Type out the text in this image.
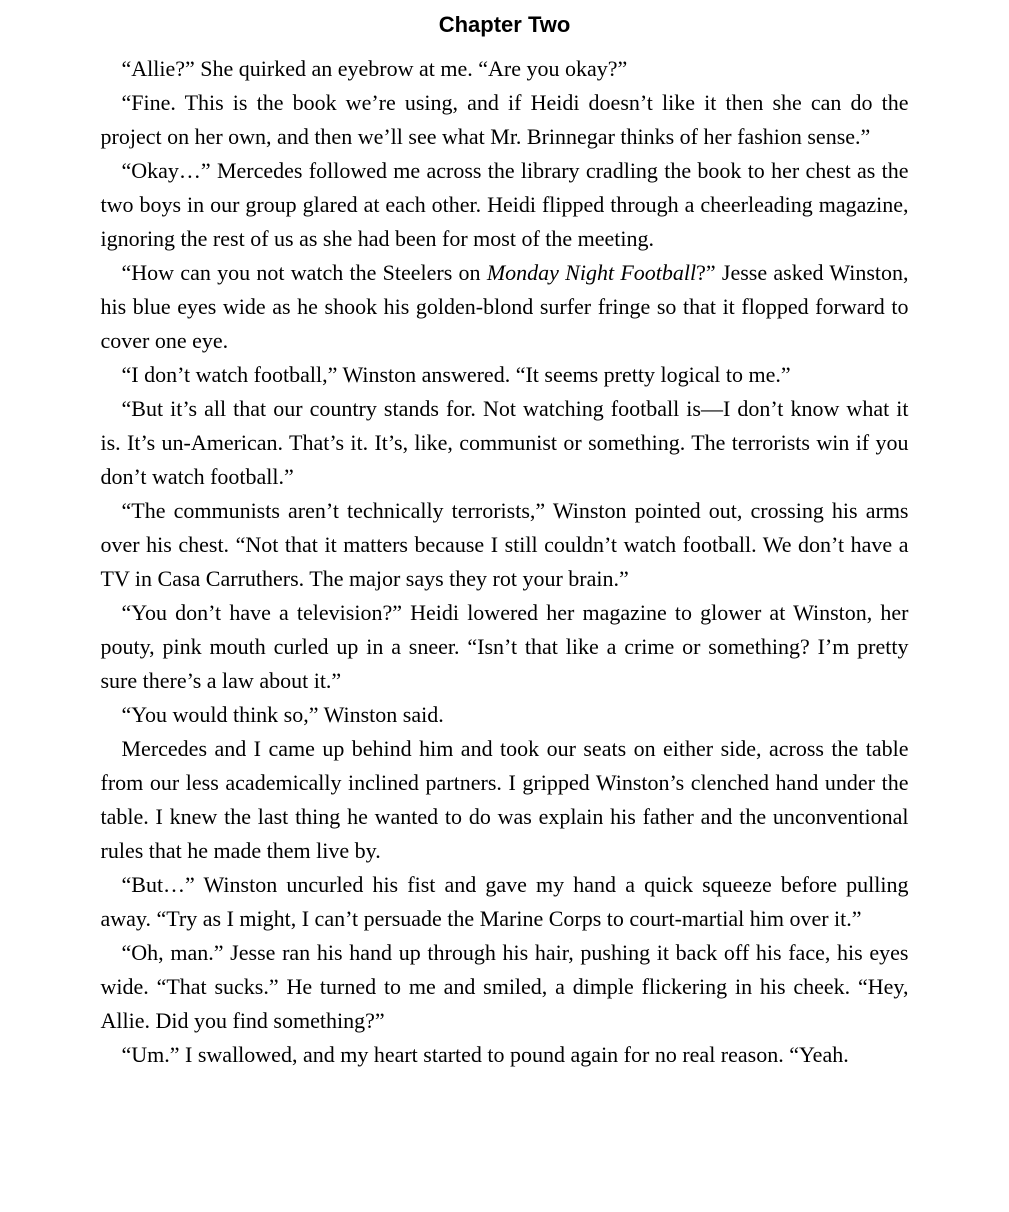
Chapter Two

“Allie?” She quirked an eyebrow at me. “Are you okay?”

“Fine. This is the book we’re using, and if Heidi doesn’t like it then she can do the project on her own, and then we’ll see what Mr. Brinnegar thinks of her fashion sense.”

“Okay…” Mercedes followed me across the library cradling the book to her chest as the two boys in our group glared at each other. Heidi flipped through a cheerleading magazine, ignoring the rest of us as she had been for most of the meeting.

“How can you not watch the Steelers on Monday Night Football?” Jesse asked Winston, his blue eyes wide as he shook his golden-blond surfer fringe so that it flopped forward to cover one eye.

“I don’t watch football,” Winston answered. “It seems pretty logical to me.”

“But it’s all that our country stands for. Not watching football is—I don’t know what it is. It’s un-American. That’s it. It’s, like, communist or something. The terrorists win if you don’t watch football.”

“The communists aren’t technically terrorists,” Winston pointed out, crossing his arms over his chest. “Not that it matters because I still couldn’t watch football. We don’t have a TV in Casa Carruthers. The major says they rot your brain.”

“You don’t have a television?” Heidi lowered her magazine to glower at Winston, her pouty, pink mouth curled up in a sneer. “Isn’t that like a crime or something? I’m pretty sure there’s a law about it.”

“You would think so,” Winston said.

Mercedes and I came up behind him and took our seats on either side, across the table from our less academically inclined partners. I gripped Winston’s clenched hand under the table. I knew the last thing he wanted to do was explain his father and the unconventional rules that he made them live by.

“But…” Winston uncurled his fist and gave my hand a quick squeeze before pulling away. “Try as I might, I can’t persuade the Marine Corps to court-martial him over it.”

“Oh, man.” Jesse ran his hand up through his hair, pushing it back off his face, his eyes wide. “That sucks.” He turned to me and smiled, a dimple flickering in his cheek. “Hey, Allie. Did you find something?”

“Um.” I swallowed, and my heart started to pound again for no real reason. “Yeah.
